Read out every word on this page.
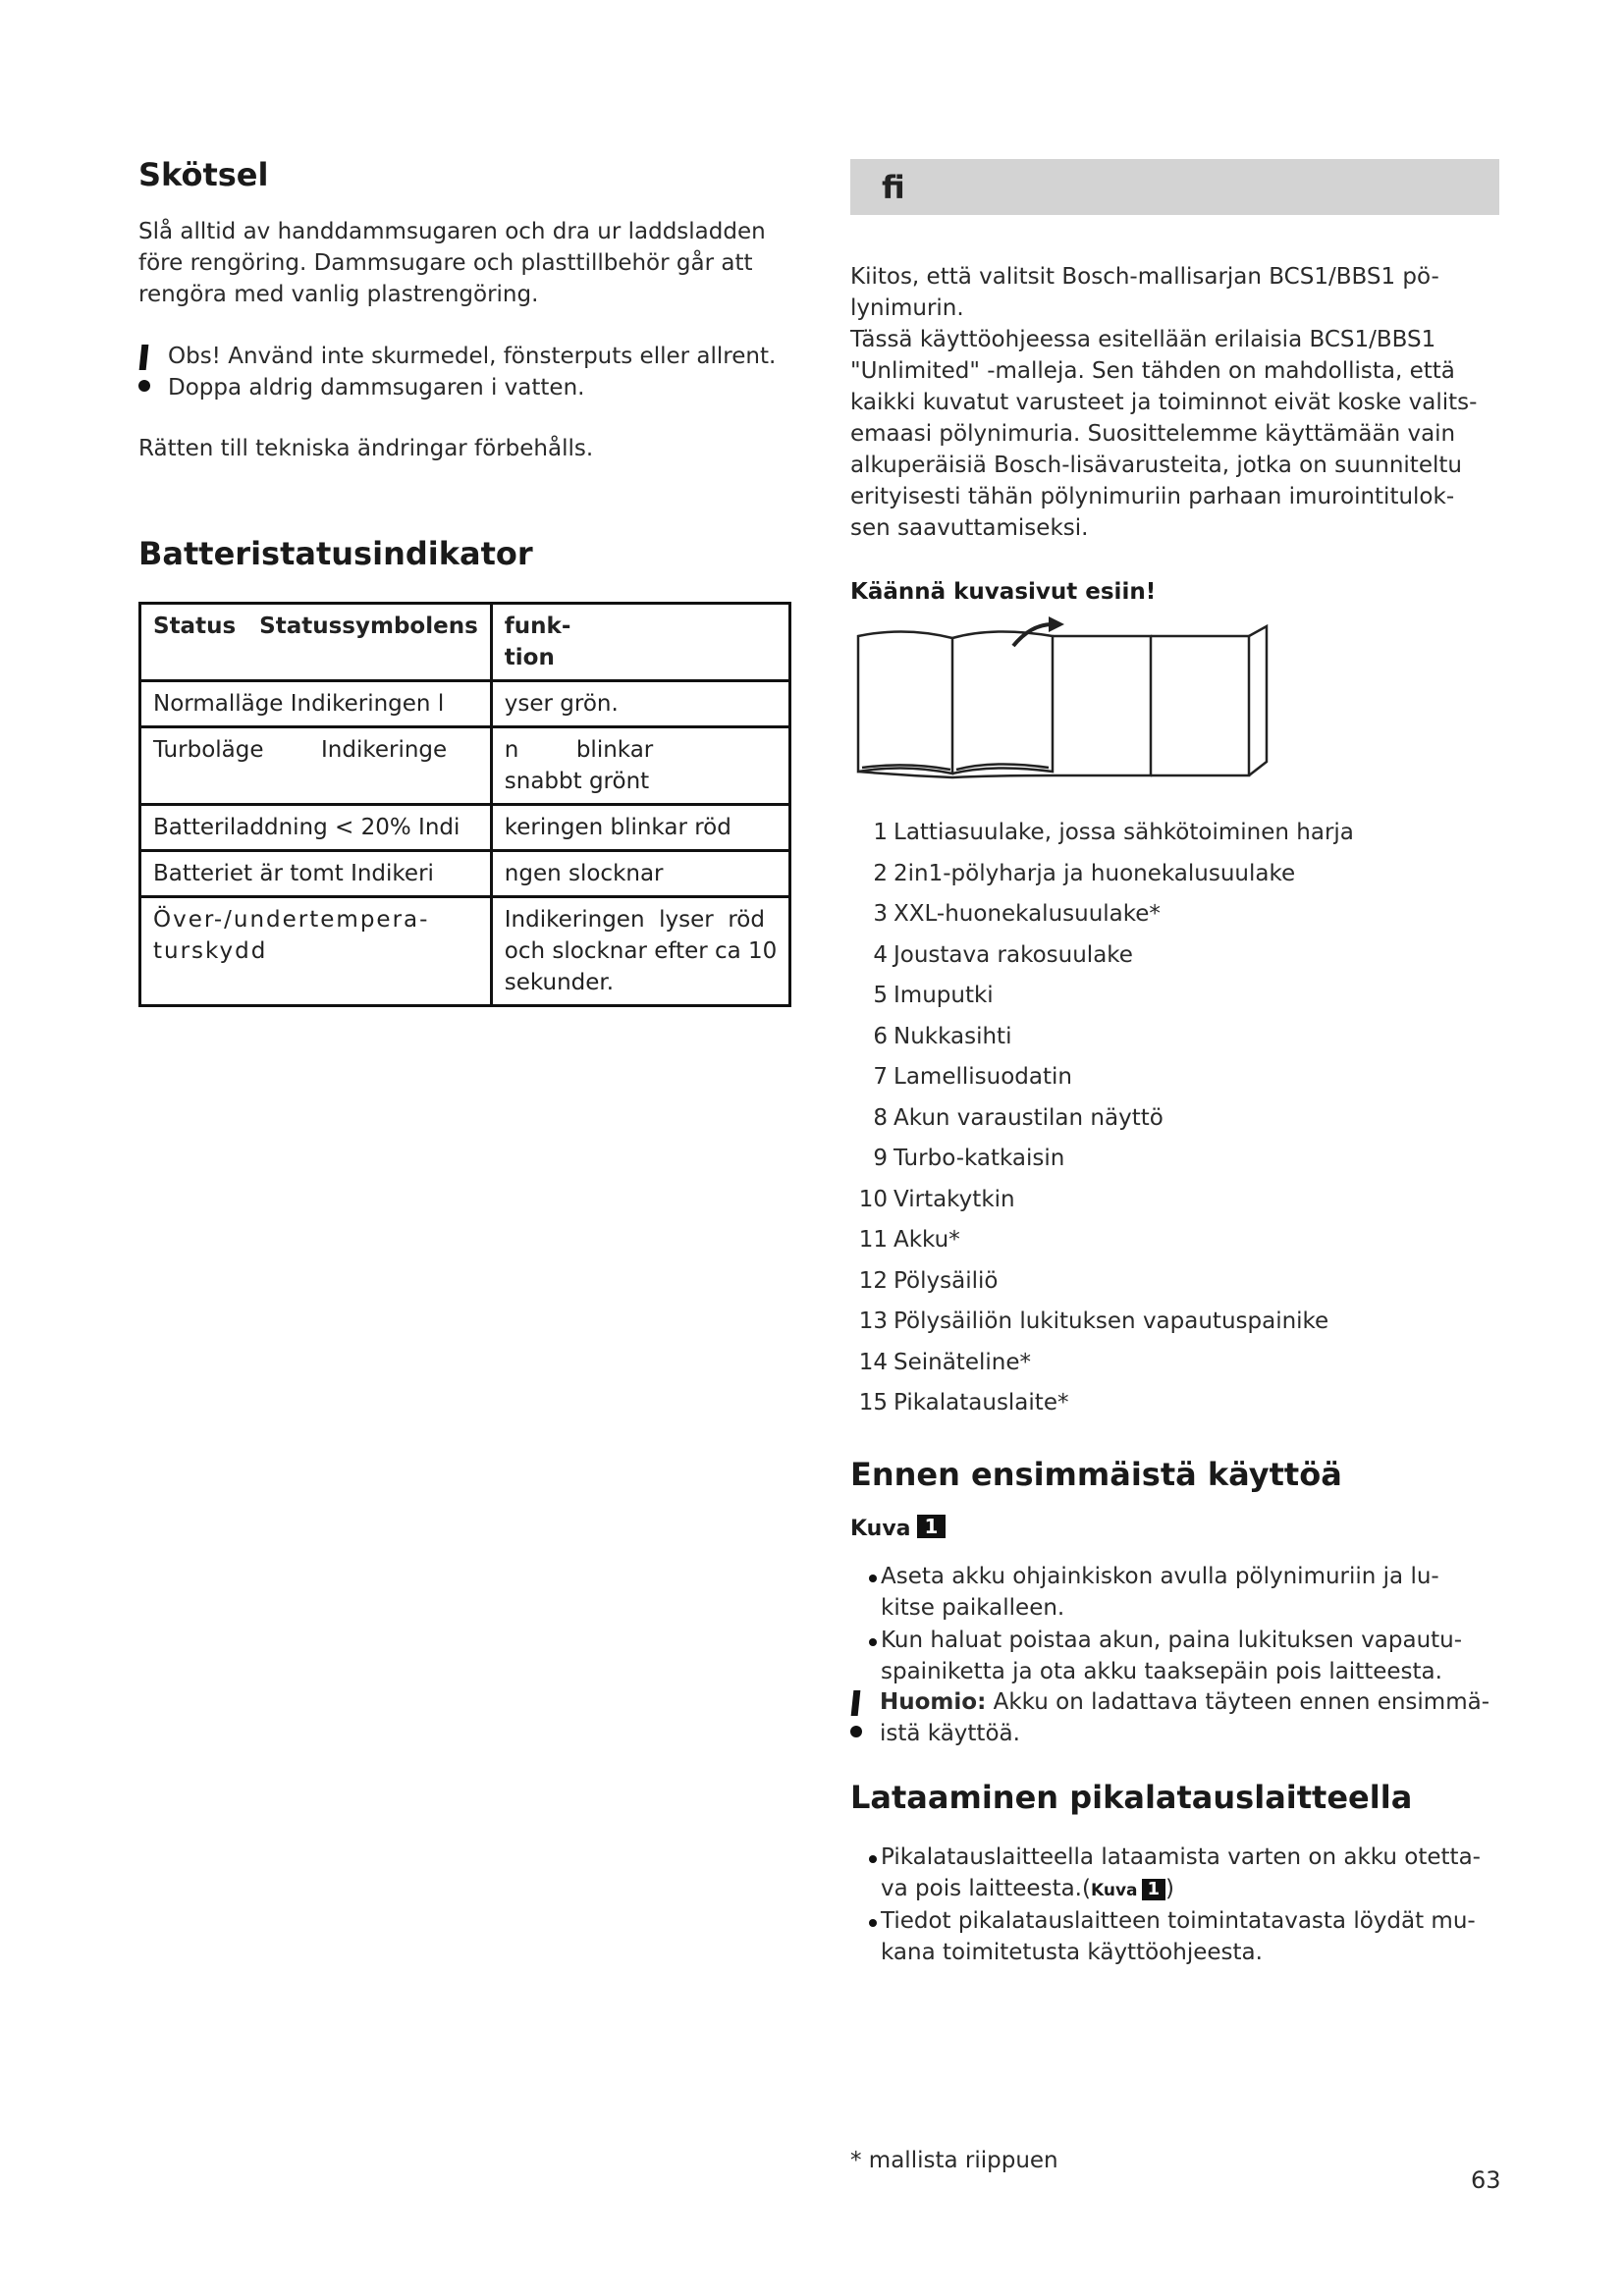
Skötsel
Slå alltid av handdammsugaren och dra ur laddsladden
före rengöring. Dammsugare och plasttillbehör går att
rengöra med vanlig plastrengöring.
Obs! Använd inte skurmedel, fönsterputs eller allrent.
Doppa aldrig dammsugaren i vatten.
Rätten till tekniska ändringar förbehålls.
Batteristatusindikator
Status   Statussymbolens	funk-
tion
Normalläge Indikeringen l	yser grön.
Turboläge        Indikeringe	n        blinkar
snabbt grönt
Batteriladdning < 20% Indi	keringen blinkar röd
Batteriet är tomt Indikeri	ngen slocknar
Över-/undertempera-
turskydd	Indikeringen  lyser  röd
och slocknar efter ca 10
sekunder.
fi
Kiitos, että valitsit Bosch-mallisarjan BCS1/BBS1 pö-
lynimurin.
Tässä käyttöohjeessa esitellään erilaisia BCS1/BBS1
"Unlimited" -malleja. Sen tähden on mahdollista, että
kaikki kuvatut varusteet ja toiminnot eivät koske valits-
emaasi pölynimuria. Suosittelemme käyttämään vain
alkuperäisiä Bosch-lisävarusteita, jotka on suunniteltu
erityisesti tähän pölynimuriin parhaan imurointitulok-
sen saavuttamiseksi.
Käännä kuvasivut esiin!
1 Lattiasuulake, jossa sähkötoiminen harja
2 2in1-pölyharja ja huonekalusuulake
3 XXL-huonekalusuulake*
4 Joustava rakosuulake
5 Imuputki
6 Nukkasihti
7 Lamellisuodatin
8 Akun varaustilan näyttö
9 Turbo-katkaisin
10 Virtakytkin
11 Akku*
12 Pölysäiliö
13 Pölysäiliön lukituksen vapautuspainike
14 Seinäteline*
15 Pikalatauslaite*
Ennen ensimmäistä käyttöä
Kuva 1
Aseta akku ohjainkiskon avulla pölynimuriin ja lu-
kitse paikalleen.
Kun haluat poistaa akun, paina lukituksen vapautu-
spainiketta ja ota akku taaksepäin pois laitteesta.
Huomio: Akku on ladattava täyteen ennen ensimmä-
istä käyttöä.
Lataaminen pikalatauslaitteella
Pikalatauslaitteella lataamista varten on akku otetta-
va pois laitteesta.(Kuva 1 )
Tiedot pikalatauslaitteen toimintatavasta löydät mu-
kana toimitetusta käyttöohjeesta.
* mallista riippuen
63
